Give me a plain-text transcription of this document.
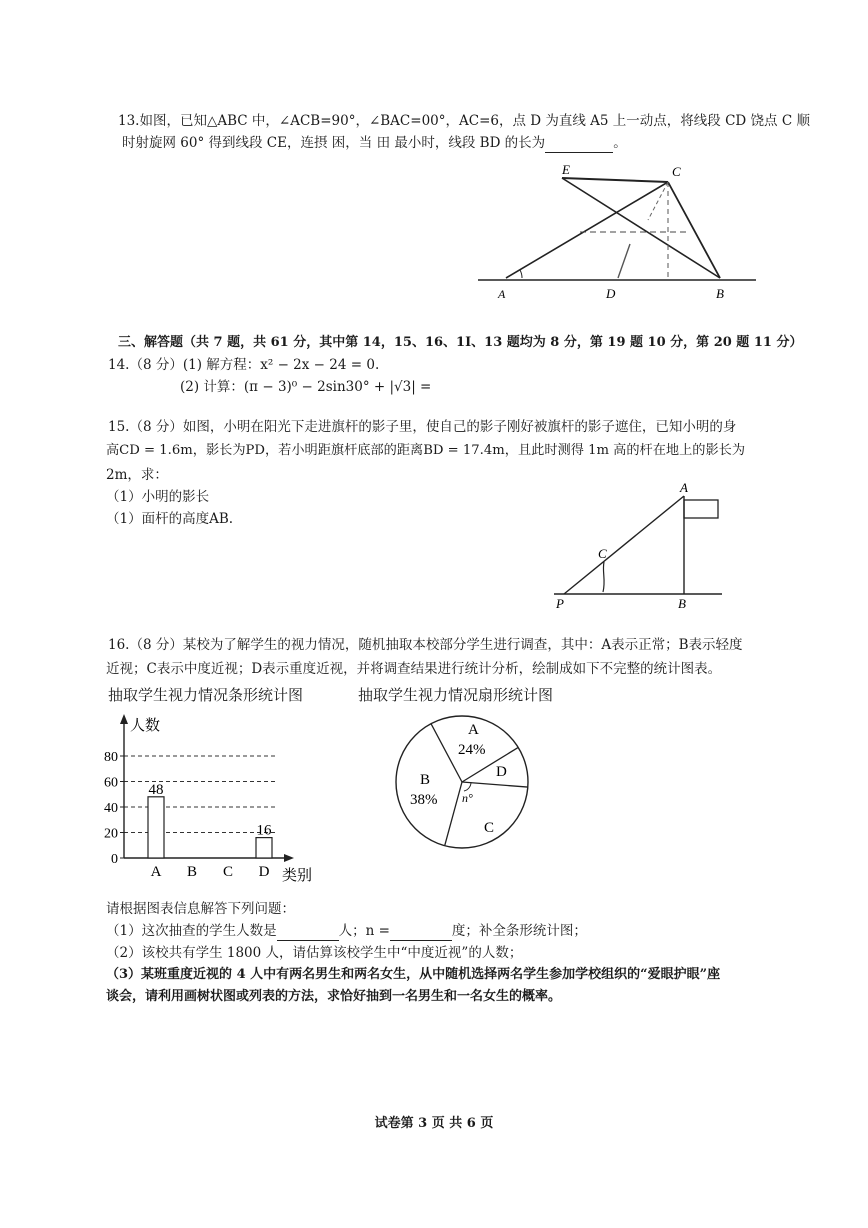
13.如图，已知△ABC 中，∠ACB=90°，∠BAC=00°，AC=6，点 D 为直线 A5 上一动点，将线段 CD 饶点 C 顺
时射旋网 60° 得到线段 CE，连摂 困，当 田 最小时，线段 BD 的长为	。
E	C
A	D	B
三、解答题（共 7 题，共 61 分，其中第 14，15、16、1I、13 题均为 8 分，第 19 题 10 分，第 20 题 11 分）
14.（8 分）(1) 解方程：x² − 2x − 24 = 0.
(2) 计算：(π − 3)⁰ − 2sin30° + |√3| =
15.（8 分）如图，小明在阳光下走进旗杆的影子里，使自己的影子刚好被旗杆的影子遮住，已知小明的身
高CD = 1.6m，影长为PD，若小明距旗杆底部的距离BD = 17.4m，且此时测得 1m 高的杆在地上的影长为
2m，求：
（1）小明的影长
（1）面杆的高度AB.
A
C
P	B
16.（8 分）某校为了解学生的视力情况，随机抽取本校部分学生进行调查，其中：A表示正常；B表示轻度
近视；C表示中度近视；D表示重度近视，并将调查结果进行统计分析，绘制成如下不完整的统计图表。
抽取学生视力情况条形统计图	抽取学生视力情况扇形统计图
人数
类别
0
20
40
60
80
48
A B C
16
D
A
24%
D
C
B
38% n°
请根据图表信息解答下列问题：
（1）这次抽查的学生人数是	人；n =	度；补全条形统计图；
（2）该校共有学生 1800 人，请估算该校学生中“中度近视”的人数；
（3）某班重度近视的 4 人中有两名男生和两名女生，从中随机选择两名学生参加学校组织的“爱眼护眼”座
谈会，请利用画树状图或列表的方法，求恰好抽到一名男生和一名女生的概率。
试卷第 3 页 共 6 页
